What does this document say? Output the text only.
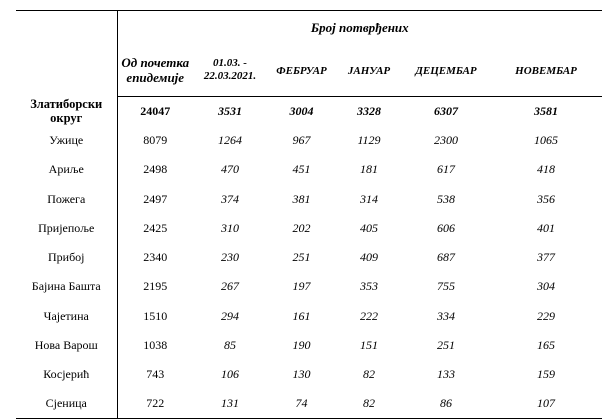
	Број потврђених					
	Од почетка епидемије	01.03. - 22.03.2021.	ФЕБРУАР	ЈАНУАР	ДЕЦЕМБАР	НОВЕМБАР
Златиборски округ	24047	3531	3004	3328	6307	3581
Ужице	8079	1264	967	1129	2300	1065
Ариље	2498	470	451	181	617	418
Пожега	2497	374	381	314	538	356
Пријепоље	2425	310	202	405	606	401
Прибој	2340	230	251	409	687	377
Бајина Башта	2195	267	197	353	755	304
Чајетина	1510	294	161	222	334	229
Нова Варош	1038	85	190	151	251	165
Косјерић	743	106	130	82	133	159
Сјеница	722	131	74	82	86	107
